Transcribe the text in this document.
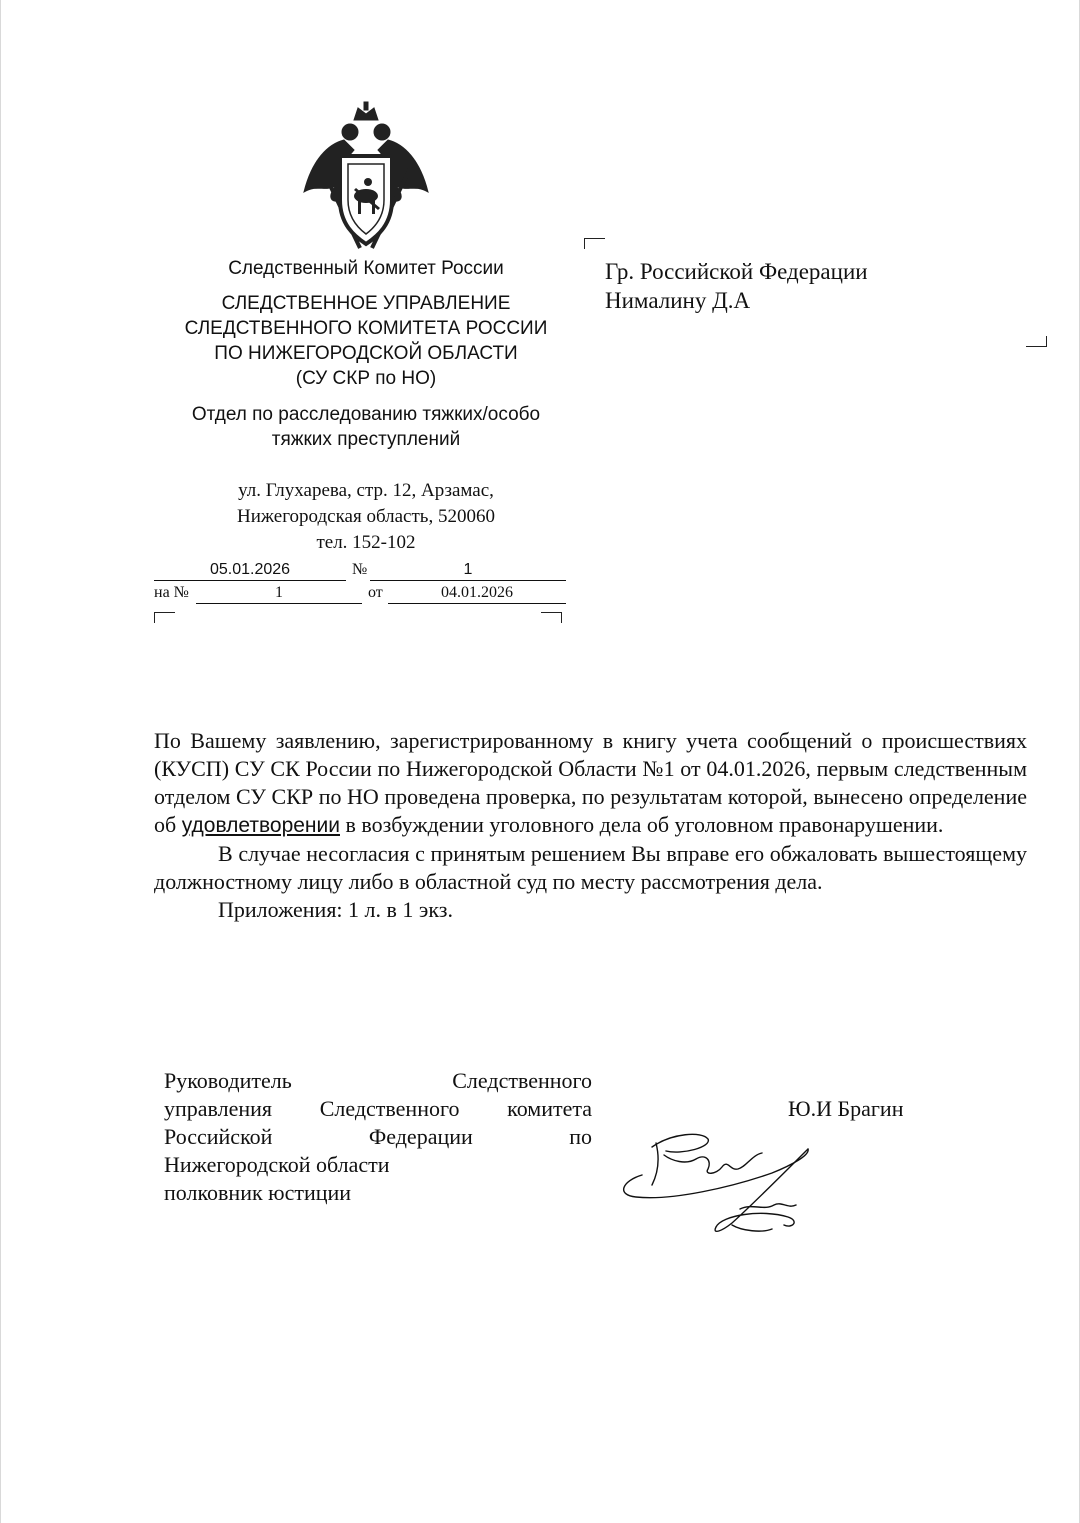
Следственный Комитет России
СЛЕДСТВЕННОЕ УПРАВЛЕНИЕ
СЛЕДСТВЕННОГО КОМИТЕТА РОССИИ
ПО НИЖЕГОРОДСКОЙ ОБЛАСТИ
(СУ СКР по НО)
Отдел по расследованию тяжких/особо
тяжких преступлений
ул. Глухарева, стр. 12, Арзамас,
Нижегородская область, 520060
тел. 152-102
05.01.2026	№	1
на №	1	от	04.01.2026
Гр. Российской Федерации
Нималину Д.А

По Вашему заявлению, зарегистрированному в книгу учета сообщений о происшествиях (КУСП) СУ СК России по Нижегородской Области №1 от 04.01.2026, первым следственным отделом СУ СКР по НО проведена проверка, по результатам которой, вынесено определение об удовлетворении в возбуждении уголовного дела об уголовном правонарушении.

В случае несогласия с принятым решением Вы вправе его обжаловать вышестоящему должностному лицу либо в областной суд по месту рассмотрения дела.

Приложения: 1 л. в 1 экз.

Руководитель Следственного
управления Следственного комитета
Российской Федерации по
Нижегородской области
полковник юстиции
Ю.И Брагин
